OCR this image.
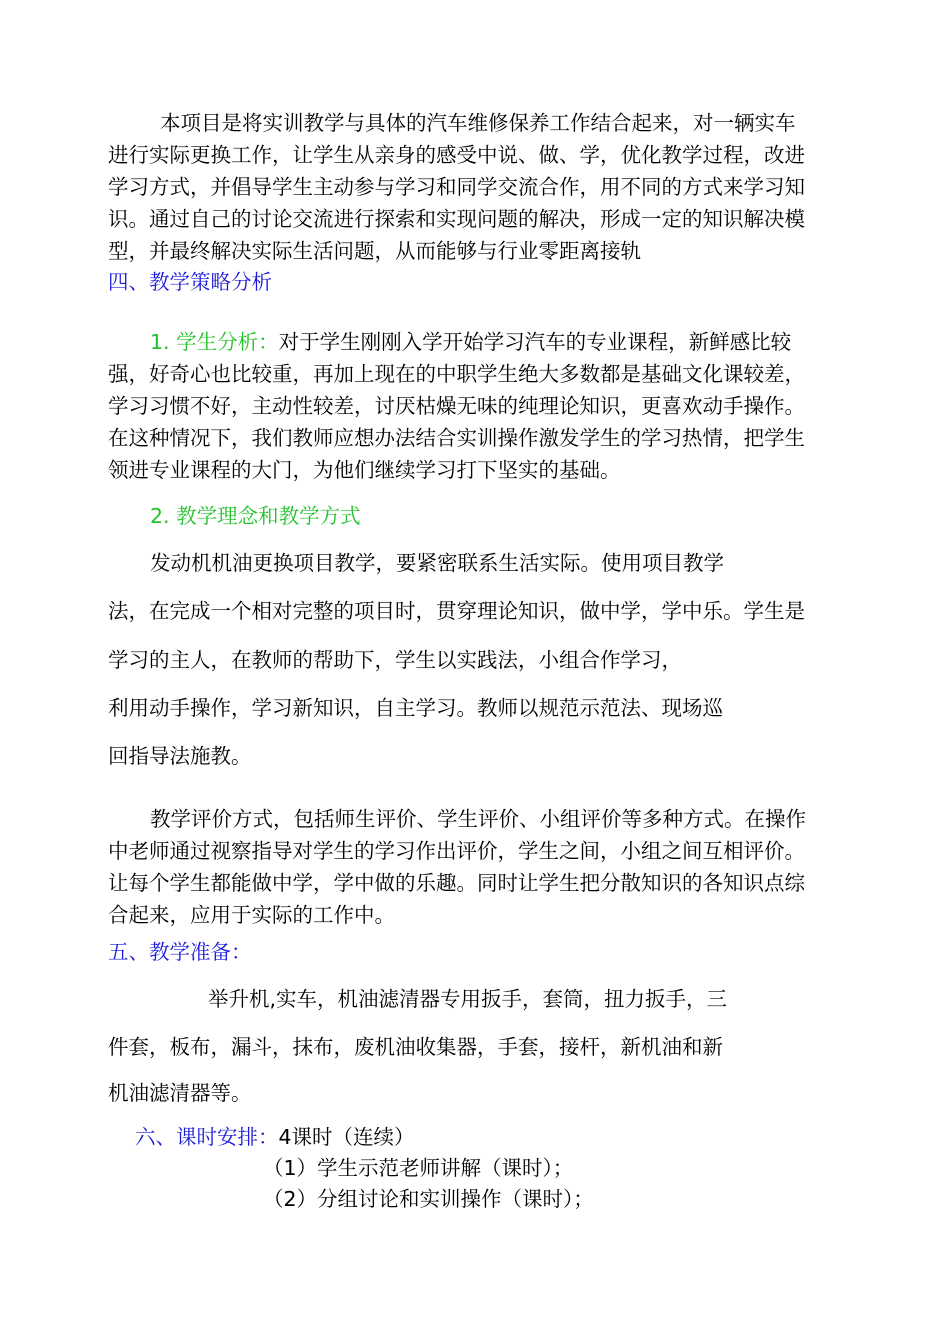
本项目是将实训教学与具体的汽车维修保养工作结合起来，对一辆实车
进行实际更换工作，让学生从亲身的感受中说、做、学，优化教学过程，改进
学习方式，并倡导学生主动参与学习和同学交流合作，用不同的方式来学习知
识。通过自己的讨论交流进行探索和实现问题的解决，形成一定的知识解决模
型，并最终解决实际生活问题，从而能够与行业零距离接轨
四、教学策略分析
1. 学生分析：对于学生刚刚入学开始学习汽车的专业课程，新鲜感比较
强，好奇心也比较重，再加上现在的中职学生绝大多数都是基础文化课较差，
学习习惯不好，主动性较差，讨厌枯燥无味的纯理论知识，更喜欢动手操作。
在这种情况下，我们教师应想办法结合实训操作激发学生的学习热情，把学生
领进专业课程的大门，为他们继续学习打下坚实的基础。
2. 教学理念和教学方式
发动机机油更换项目教学，要紧密联系生活实际。使用项目教学
法，在完成一个相对完整的项目时，贯穿理论知识，做中学，学中乐。学生是
学习的主人，在教师的帮助下，学生以实践法，小组合作学习，
利用动手操作，学习新知识，自主学习。教师以规范示范法、现场巡
回指导法施教。
教学评价方式，包括师生评价、学生评价、小组评价等多种方式。在操作
中老师通过视察指导对学生的学习作出评价，学生之间，小组之间互相评价。
让每个学生都能做中学，学中做的乐趣。同时让学生把分散知识的各知识点综
合起来，应用于实际的工作中。
五、教学准备：
举升机,实车，机油滤清器专用扳手，套筒，扭力扳手，三
件套，板布，漏斗，抹布，废机油收集器，手套，接杆，新机油和新
机油滤清器等。
六、课时安排：4课时（连续）
（1）学生示范老师讲解（课时）；
（2）分组讨论和实训操作（课时）；
